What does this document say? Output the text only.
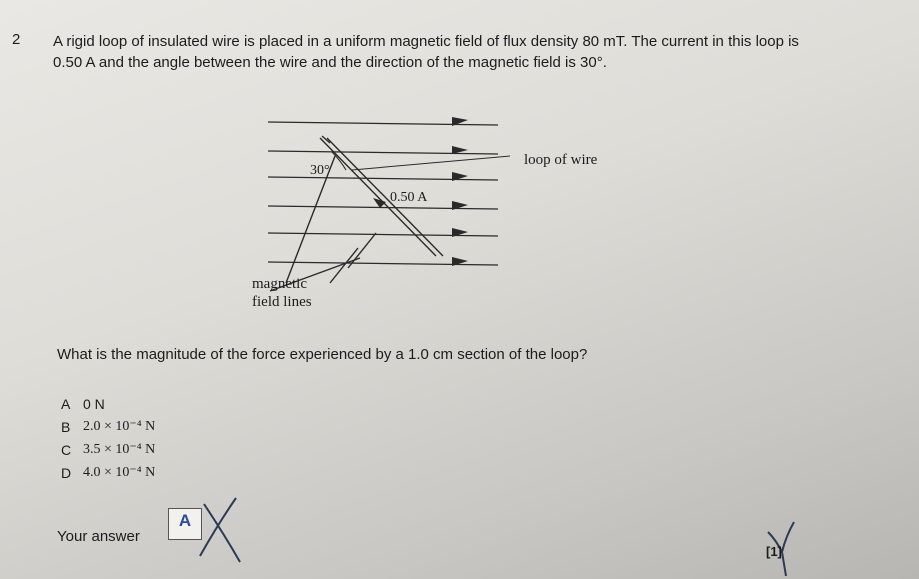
2 A rigid loop of insulated wire is placed in a uniform magnetic field of flux density 80 mT. The current in this loop is 0.50 A and the angle between the wire and the direction of the magnetic field is 30°.
30°
0.50 A
loop of wire
magnetic
field lines
What is the magnitude of the force experienced by a 1.0 cm section of the loop?
A 0 N
B 2.0 × 10⁻⁴ N
C 3.5 × 10⁻⁴ N
D 4.0 × 10⁻⁴ N
Your answer
A
[1]
